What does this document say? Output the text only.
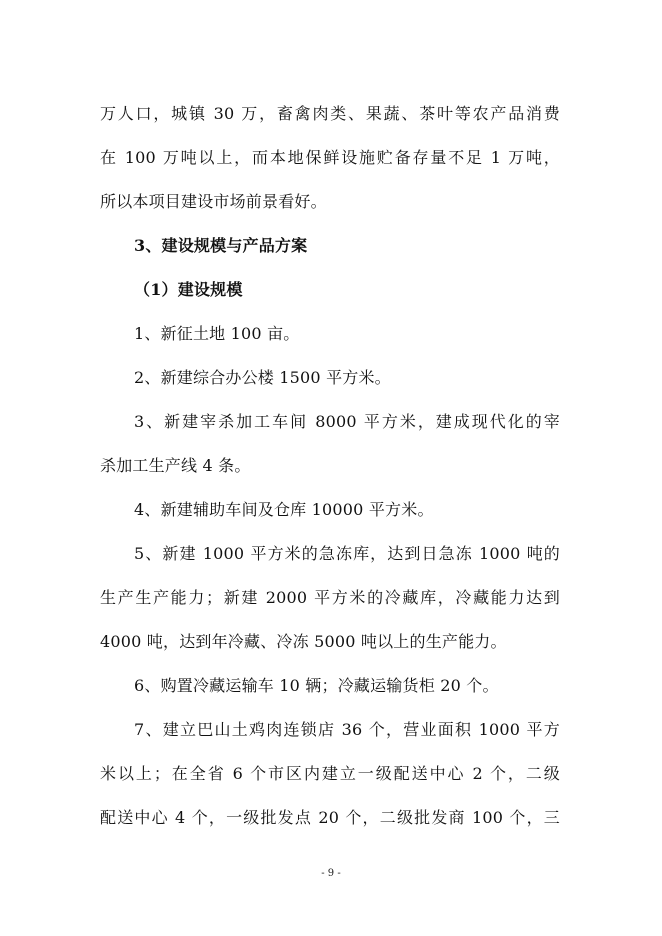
万人口，城镇 30 万，畜禽肉类、果蔬、茶叶等农产品消费
在 100 万吨以上，而本地保鲜设施贮备存量不足 1 万吨，
所以本项目建设市场前景看好。
3、建设规模与产品方案
（1）建设规模
1、新征土地 100 亩。
2、新建综合办公楼 1500 平方米。
3、新建宰杀加工车间 8000 平方米，建成现代化的宰
杀加工生产线 4 条。
4、新建辅助车间及仓库 10000 平方米。
5、新建 1000 平方米的急冻库，达到日急冻 1000 吨的
生产生产能力；新建 2000 平方米的冷藏库，冷藏能力达到
4000 吨，达到年冷藏、冷冻 5000 吨以上的生产能力。
6、购置冷藏运输车 10 辆；冷藏运输货柜 20 个。
7、建立巴山土鸡肉连锁店 36 个，营业面积 1000 平方
米以上；在全省 6 个市区内建立一级配送中心 2 个，二级
配送中心 4 个，一级批发点 20 个，二级批发商 100 个，三
- 9 -
